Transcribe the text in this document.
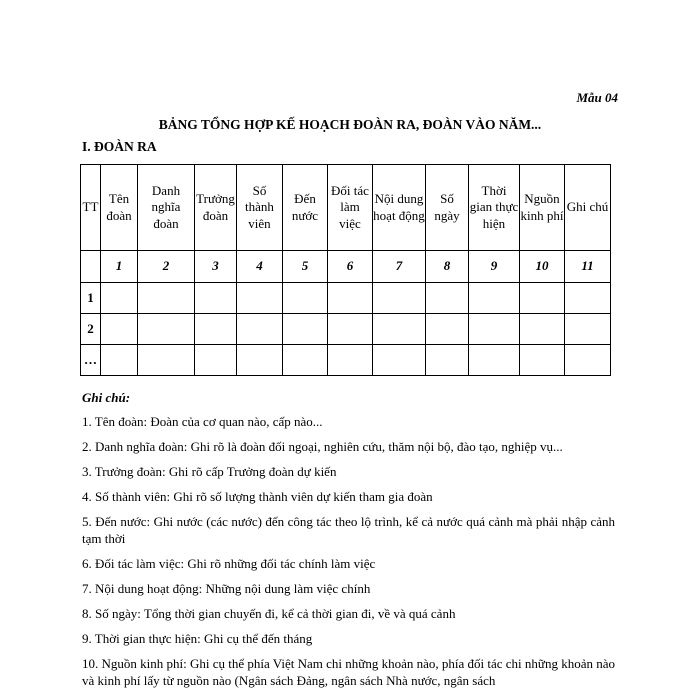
Mẫu 04
BẢNG TỔNG HỢP KẾ HOẠCH ĐOÀN RA, ĐOÀN VÀO NĂM...
I. ĐOÀN RA
TT	Tên đoàn	Danh nghĩa đoàn	Trưởng đoàn	Số thành viên	Đến nước	Đối tác làm việc	Nội dung hoạt động	Số ngày	Thời gian thực hiện	Nguồn kinh phí	Ghi chú
	1	2	3	4	5	6	7	8	9	10	11
1											
2											
…											
Ghi chú:
1. Tên đoàn: Đoàn của cơ quan nào, cấp nào...
2. Danh nghĩa đoàn: Ghi rõ là đoàn đối ngoại, nghiên cứu, thăm nội bộ, đào tạo, nghiệp vụ...
3. Trưởng đoàn: Ghi rõ cấp Trưởng đoàn dự kiến
4. Số thành viên: Ghi rõ số lượng thành viên dự kiến tham gia đoàn
5. Đến nước: Ghi nước (các nước) đến công tác theo lộ trình, kể cả nước quá cảnh mà phải nhập cảnh tạm thời
6. Đối tác làm việc: Ghi rõ những đối tác chính làm việc
7. Nội dung hoạt động: Những nội dung làm việc chính
8. Số ngày: Tổng thời gian chuyến đi, kể cả thời gian đi, về và quá cảnh
9. Thời gian thực hiện: Ghi cụ thể đến tháng
10. Nguồn kinh phí: Ghi cụ thể phía Việt Nam chi những khoản nào, phía đối tác chi những khoản nào và kinh phí lấy từ nguồn nào (Ngân sách Đảng, ngân sách Nhà nước, ngân sách
